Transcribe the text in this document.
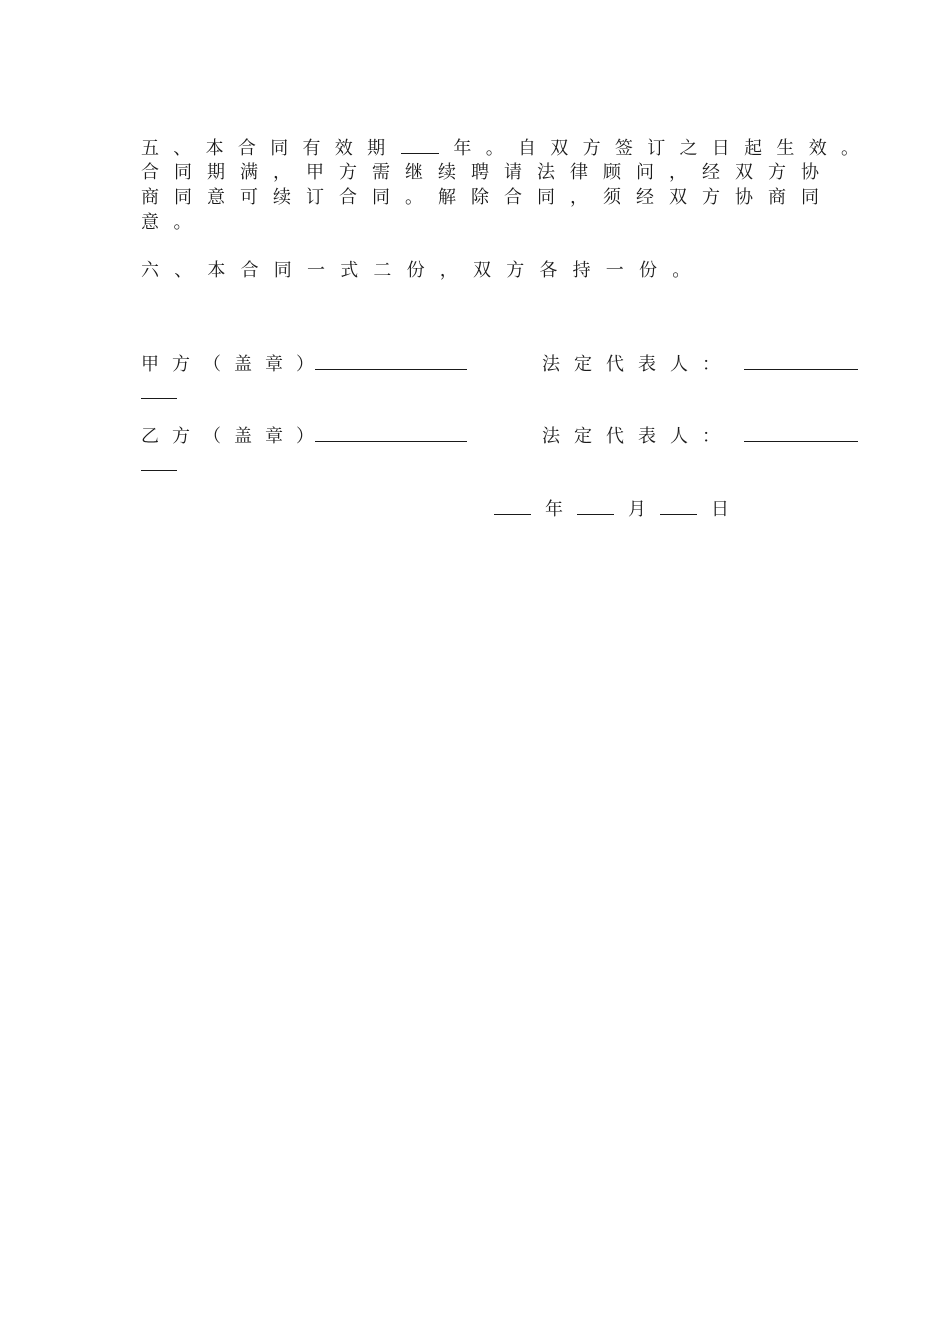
五、本合同有效期	年。自双方签订之日起生效。
合同期满，甲方需继续聘请法律顾问，经双方协
商同意可续订合同。解除合同，须经双方协商同
意。
六、本合同一式二份，双方各持一份。
甲方（盖章）	法定代表人：
乙方（盖章）	法定代表人：
年	月	日
